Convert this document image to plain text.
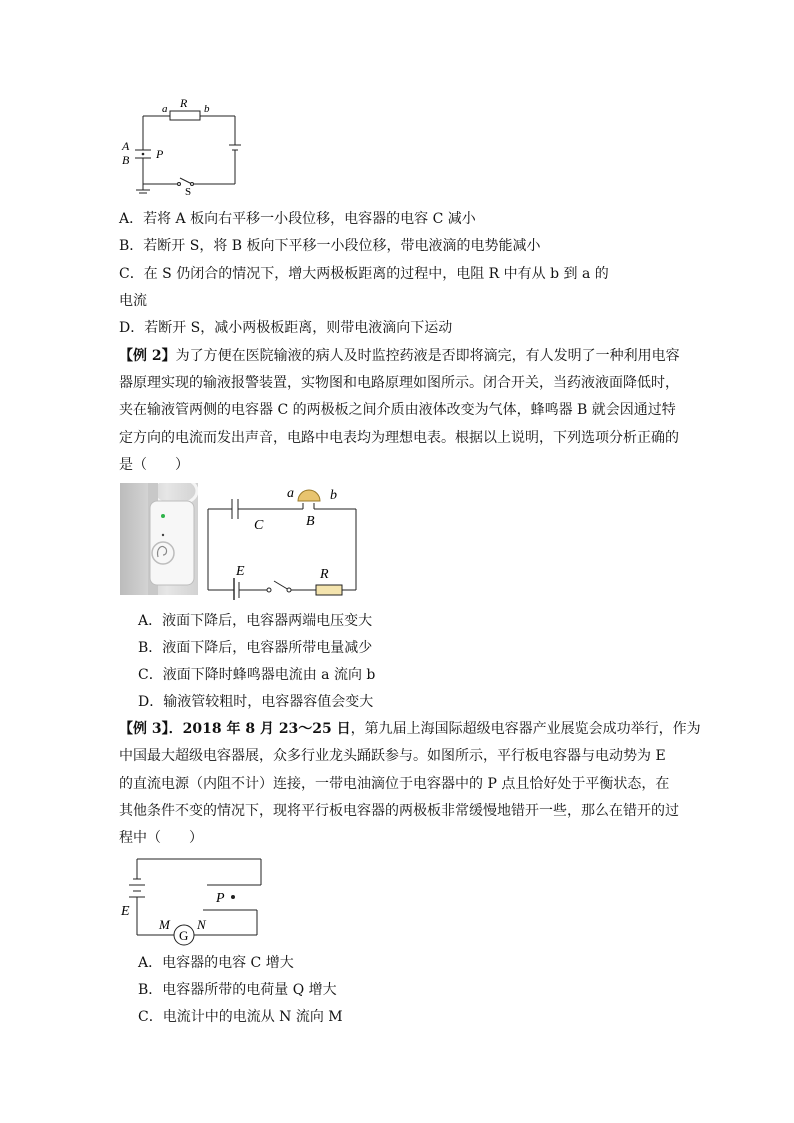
a R b
A
B P
S
A．若将 A 板向右平移一小段位移，电容器的电容 C 减小
B．若断开 S，将 B 板向下平移一小段位移，带电液滴的电势能减小
C．在 S 仍闭合的情况下，增大两极板距离的过程中，电阻 R 中有从 b 到 a 的
电流
D．若断开 S，减小两极板距离，则带电液滴向下运动
【例 2】为了方便在医院输液的病人及时监控药液是否即将滴完，有人发明了一种利用电容
器原理实现的输液报警装置，实物图和电路原理如图所示。闭合开关，当药液液面降低时，
夹在输液管两侧的电容器 C 的两极板之间介质由液体改变为气体，蜂鸣器 B 就会因通过特
定方向的电流而发出声音，电路中电表均为理想电表。根据以上说明，下列选项分析正确的
是（　　）
a	b
C	B
E	R
A．液面下降后，电容器两端电压变大
B．液面下降后，电容器所带电量减少
C．液面下降时蜂鸣器电流由 a 流向 b
D．输液管较粗时，电容器容值会变大
【例 3】．2018 年 8 月 23～25 日，第九届上海国际超级电容器产业展览会成功举行，作为
中国最大超级电容器展，众多行业龙头踊跃参与。如图所示，平行板电容器与电动势为 E
的直流电源（内阻不计）连接，一带电油滴位于电容器中的 P 点且恰好处于平衡状态，在
其他条件不变的情况下，现将平行板电容器的两极板非常缓慢地错开一些，那么在错开的过
程中（　　）
P
E
M N
G
A．电容器的电容 C 增大
B．电容器所带的电荷量 Q 增大
C．电流计中的电流从 N 流向 M
